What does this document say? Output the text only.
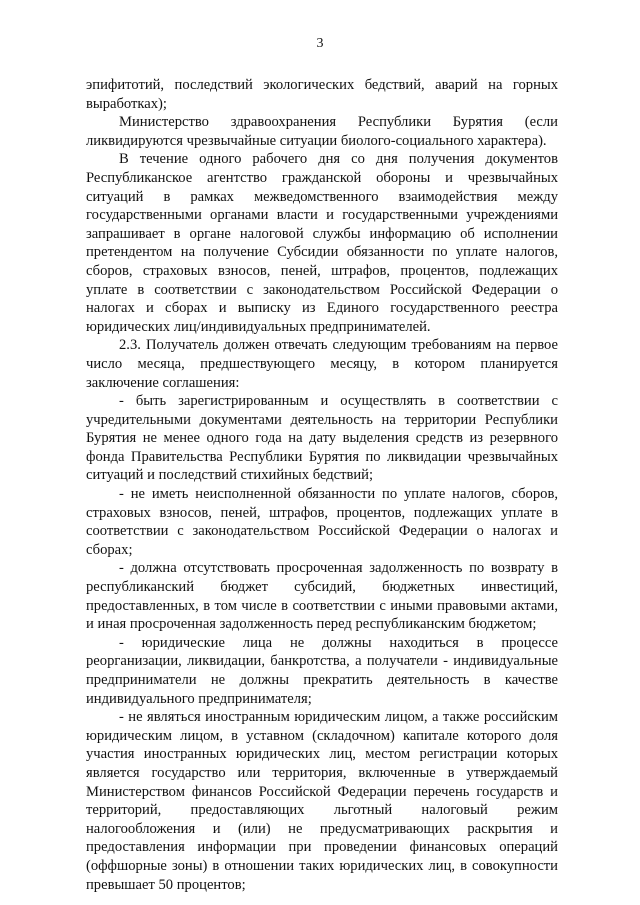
3

эпифитотий, последствий экологических бедствий, аварий на горных выработках);

Министерство здравоохранения Республики Бурятия (если ликвидируются чрезвычайные ситуации биолого-социального характера).

В течение одного рабочего дня со дня получения документов Республиканское агентство гражданской обороны и чрезвычайных ситуаций в рамках межведомственного взаимодействия между государственными органами власти и государственными учреждениями запрашивает в органе налоговой службы информацию об исполнении претендентом на получение Субсидии обязанности по уплате налогов, сборов, страховых взносов, пеней, штрафов, процентов, подлежащих уплате в соответствии с законодательством Российской Федерации о налогах и сборах и выписку из Единого государственного реестра юридических лиц/индивидуальных предпринимателей.

2.3. Получатель должен отвечать следующим требованиям на первое число месяца, предшествующего месяцу, в котором планируется заключение соглашения:

- быть зарегистрированным и осуществлять в соответствии с учредительными документами деятельность на территории Республики Бурятия не менее одного года на дату выделения средств из резервного фонда Правительства Республики Бурятия по ликвидации чрезвычайных ситуаций и последствий стихийных бедствий;

- не иметь неисполненной обязанности по уплате налогов, сборов, страховых взносов, пеней, штрафов, процентов, подлежащих уплате в соответствии с законодательством Российской Федерации о налогах и сборах;

- должна отсутствовать просроченная задолженность по возврату в республиканский бюджет субсидий, бюджетных инвестиций, предоставленных, в том числе в соответствии с иными правовыми актами, и иная просроченная задолженность перед республиканским бюджетом;

- юридические лица не должны находиться в процессе реорганизации, ликвидации, банкротства, а получатели - индивидуальные предприниматели не должны прекратить деятельность в качестве индивидуального предпринимателя;

- не являться иностранным юридическим лицом, а также российским юридическим лицом, в уставном (складочном) капитале которого доля участия иностранных юридических лиц, местом регистрации которых является государство или территория, включенные в утверждаемый Министерством финансов Российской Федерации перечень государств и территорий, предоставляющих льготный налоговый режим налогообложения и (или) не предусматривающих раскрытия и предоставления информации при проведении финансовых операций (оффшорные зоны) в отношении таких юридических лиц, в совокупности превышает 50 процентов;
